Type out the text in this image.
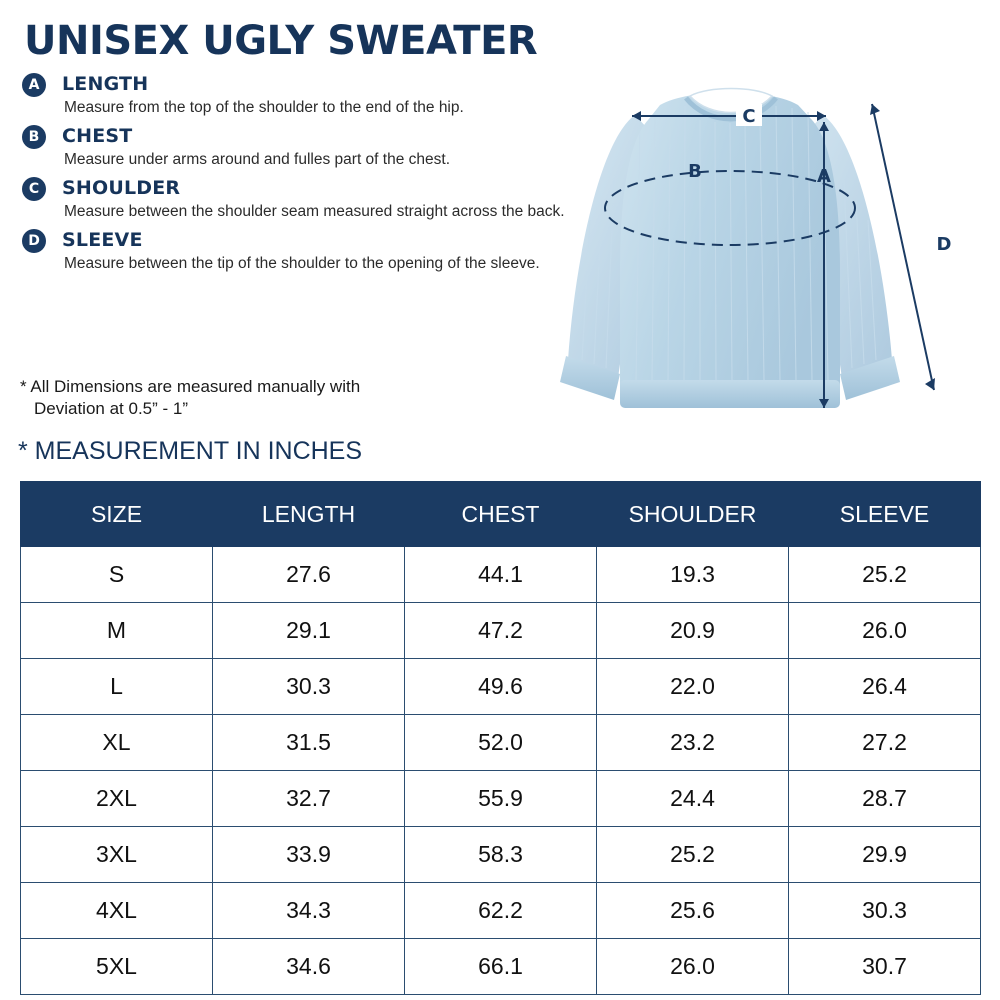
UNISEX UGLY SWEATER
A	LENGTH
Measure from the top of the shoulder to the end of the hip.
B	CHEST
Measure under arms around and fulles part of the chest.
C	SHOULDER
Measure between the shoulder seam measured straight across the back.
D	SLEEVE
Measure between the tip of the shoulder to the opening of the sleeve.
* All Dimensions are measured manually with
Deviation at 0.5” - 1”
* MEASUREMENT IN INCHES
C
A
B
D
SIZE	LENGTH	CHEST	SHOULDER	SLEEVE
S	27.6	44.1	19.3	25.2
M	29.1	47.2	20.9	26.0
L	30.3	49.6	22.0	26.4
XL	31.5	52.0	23.2	27.2
2XL	32.7	55.9	24.4	28.7
3XL	33.9	58.3	25.2	29.9
4XL	34.3	62.2	25.6	30.3
5XL	34.6	66.1	26.0	30.7
